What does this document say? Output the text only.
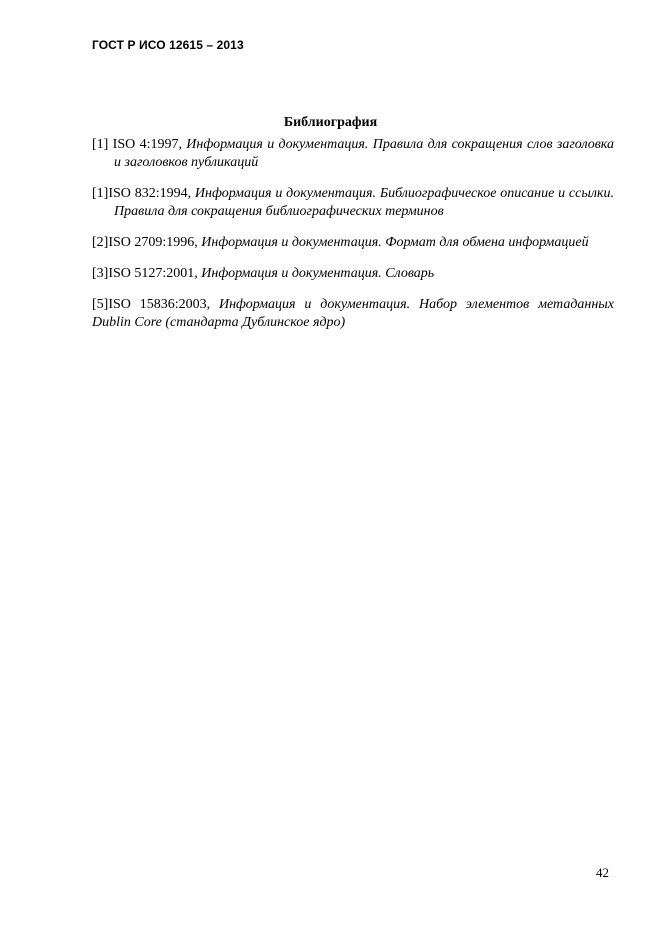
ГОСТ Р ИСО 12615 – 2013
Библиография

[1] ISO 4:1997, Информация и документация. Правила для сокращения слов заголовка и заголовков публикаций

[1]ISO 832:1994, Информация и документация. Библиографическое описание и ссылки. Правила для сокращения библиографических терминов

[2]ISO 2709:1996, Информация и документация. Формат для обмена информацией

[3]ISO 5127:2001, Информация и документация. Словарь

[5]ISO 15836:2003, Информация и документация. Набор элементов метаданных Dublin Core (стандарта Дублинское ядро)

42
